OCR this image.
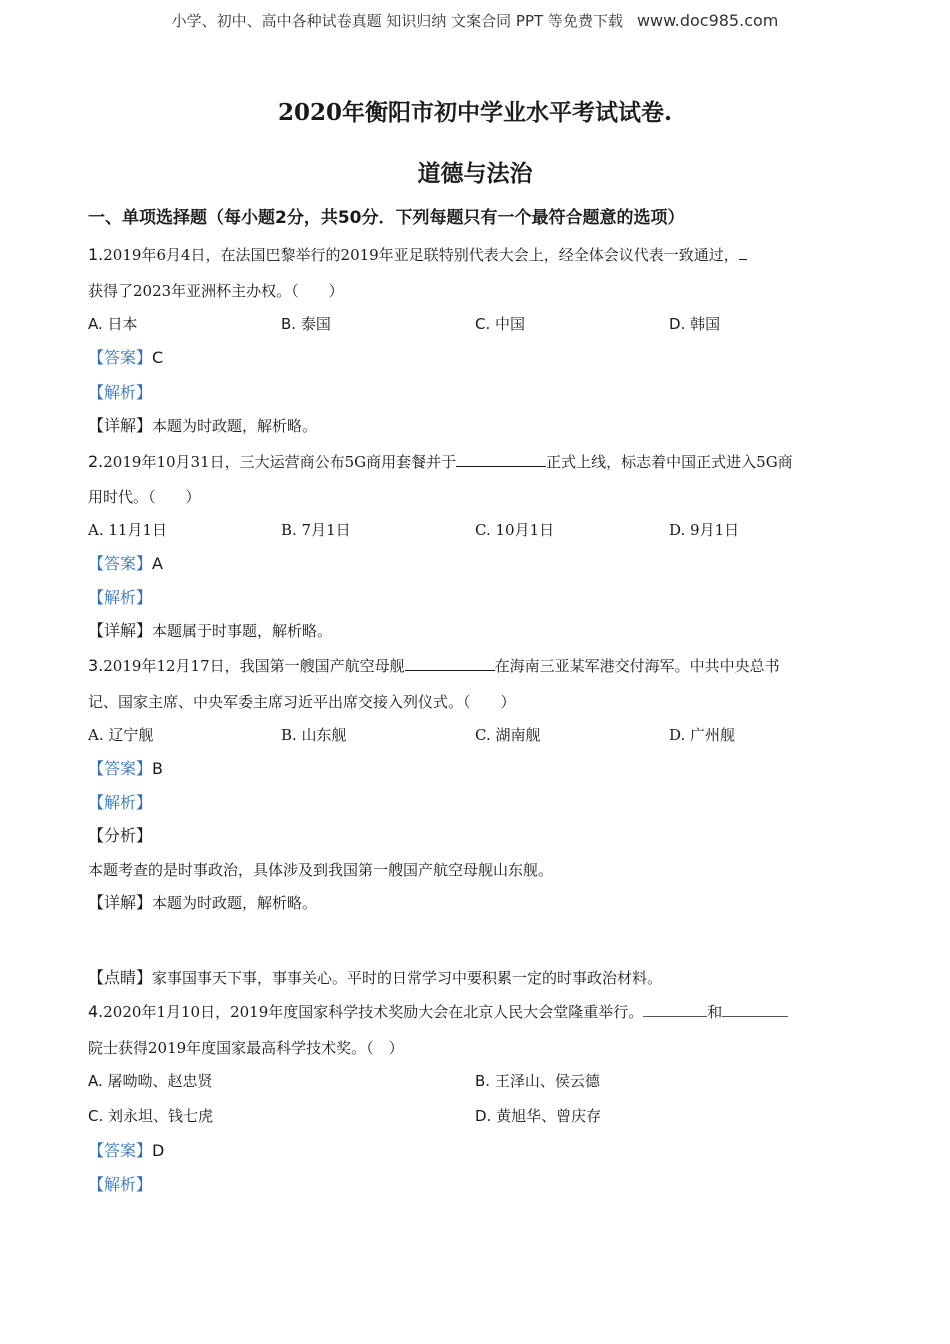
小学、初中、高中各种试卷真题 知识归纳 文案合同 PPT 等免费下载 www.doc985.com
2020年衡阳市初中学业水平考试试卷.
道德与法治
一、单项选择题（每小题2分，共50分．下列每题只有一个最符合题意的选项）
1.2019年6月4日，在法国巴黎举行的2019年亚足联特别代表大会上，经全体会议代表一致通过，
获得了2023年亚洲杯主办权。（　　）
A. 日本	B. 泰国	C. 中国	D. 韩国
【答案】C
【解析】
【详解】本题为时政题，解析略。
2.2019年10月31日，三大运营商公布5G商用套餐并于	正式上线，标志着中国正式进入5G商
用时代。（　　）
A. 11月1日	B. 7月1日	C. 10月1日	D. 9月1日
【答案】A
【解析】
【详解】本题属于时事题，解析略。
3.2019年12月17日，我国第一艘国产航空母舰	在海南三亚某军港交付海军。中共中央总书
记、国家主席、中央军委主席习近平出席交接入列仪式。（　　）
A. 辽宁舰	B. 山东舰	C. 湖南舰	D. 广州舰
【答案】B
【解析】
【分析】
本题考查的是时事政治，具体涉及到我国第一艘国产航空母舰山东舰。
【详解】本题为时政题，解析略。
【点睛】家事国事天下事，事事关心。平时的日常学习中要积累一定的时事政治材料。
4.2020年1月10日，2019年度国家科学技术奖励大会在北京人民大会堂隆重举行。	和
院士获得2019年度国家最高科学技术奖。（　）
A. 屠呦呦、赵忠贤	B. 王泽山、侯云德
C. 刘永坦、钱七虎	D. 黄旭华、曾庆存
【答案】D
【解析】
